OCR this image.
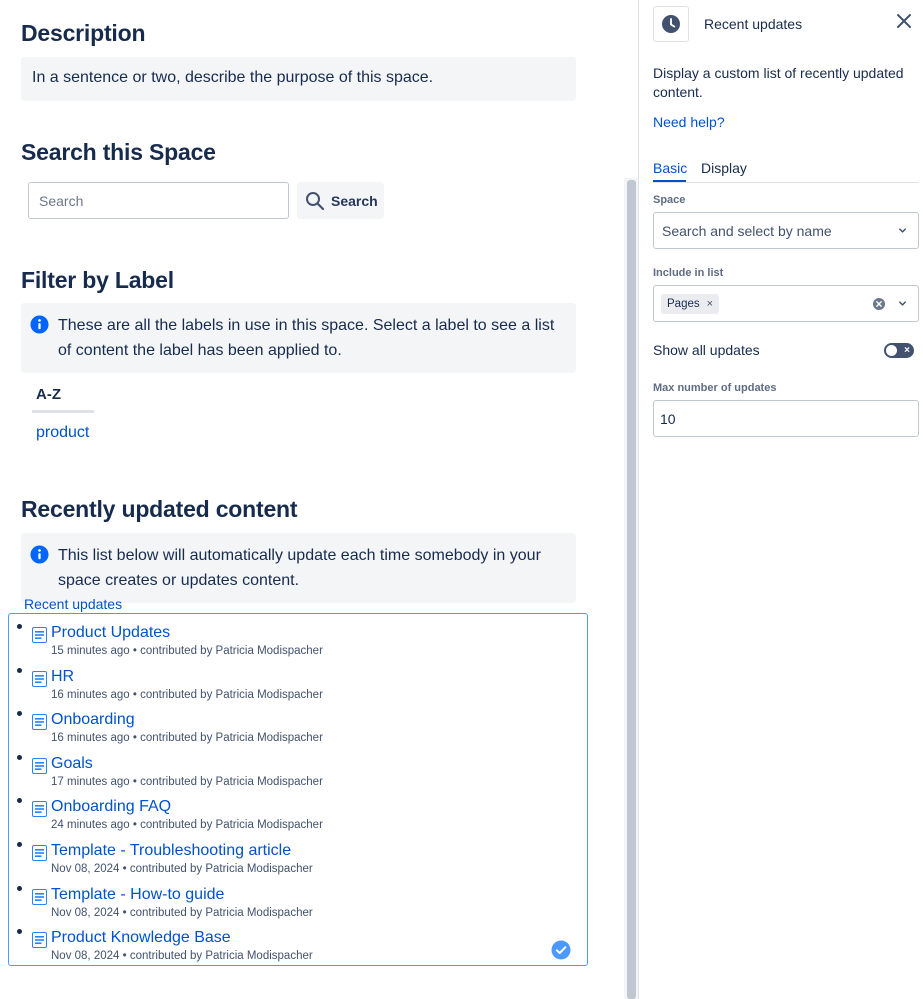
Description
In a sentence or two, describe the purpose of this space.
Search this Space
Search
Search
Filter by Label
These are all the labels in use in this space. Select a label to see a list of content the label has been applied to.
A-Z
product
Recently updated content
This list below will automatically update each time somebody in your space creates or updates content.
Recent updates
Product Updates
15 minutes ago • contributed by Patricia Modispacher
HR
16 minutes ago • contributed by Patricia Modispacher
Onboarding
16 minutes ago • contributed by Patricia Modispacher
Goals
17 minutes ago • contributed by Patricia Modispacher
Onboarding FAQ
24 minutes ago • contributed by Patricia Modispacher
Template - Troubleshooting article
Nov 08, 2024 • contributed by Patricia Modispacher
Template - How-to guide
Nov 08, 2024 • contributed by Patricia Modispacher
Product Knowledge Base
Nov 08, 2024 • contributed by Patricia Modispacher
Recent updates
Display a custom list of recently updated content.
Need help?
Basic Display
Space
Search and select by name
Include in list
Pages ×
Show all updates	×
Max number of updates
10
